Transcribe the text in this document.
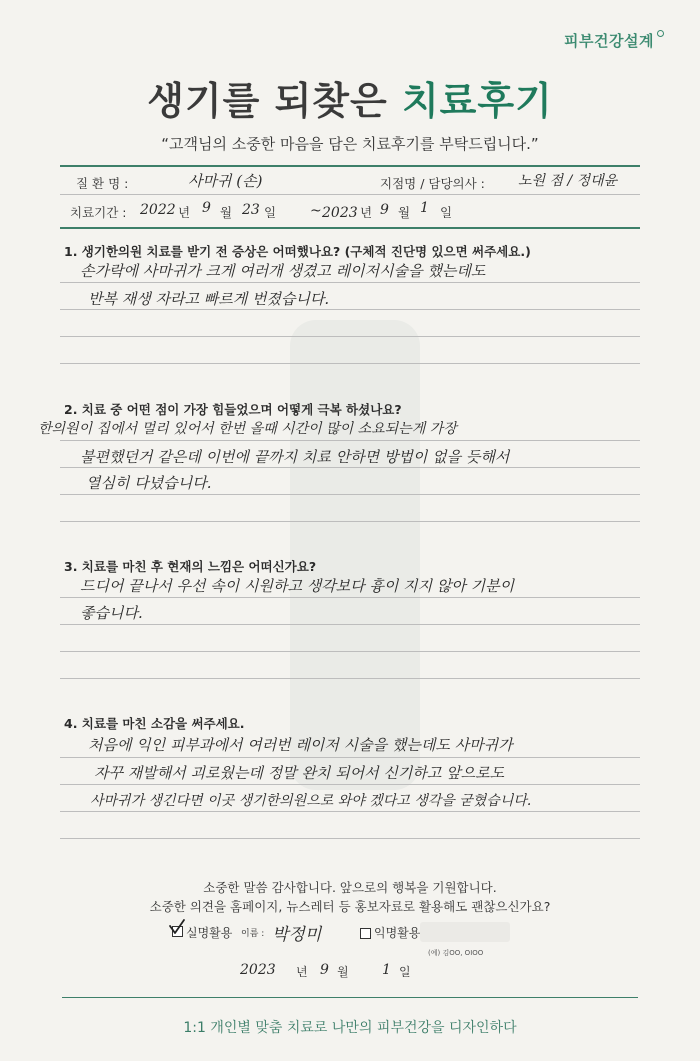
피부건강설계
생기를 되찾은 치료후기
“고객님의 소중한 마음을 담은 치료후기를 부탁드립니다.”
질 환 명 :	사마귀 (손)	지점명 / 담당의사 : 노원 점 / 정대윤
치료기간 : 2022 년 9 월 23 일 ~ 2023 년 9 월 1 일
1. 생기한의원 치료를 받기 전 증상은 어떠했나요? (구체적 진단명 있으면 써주세요.)
손가락에 사마귀가 크게 여러개 생겼고 레이저시술을 했는데도
반복 재생 자라고 빠르게 번졌습니다.
2. 치료 중 어떤 점이 가장 힘들었으며 어떻게 극복 하셨나요?
한의원이 집에서 멀리 있어서 한번 올때 시간이 많이 소요되는게 가장
불편했던거 같은데 이번에 끝까지 치료 안하면 방법이 없을 듯해서
열심히 다녔습니다.
3. 치료를 마친 후 현재의 느낌은 어떠신가요?
드디어 끝나서 우선 속이 시원하고 생각보다 흉이 지지 않아 기분이
좋습니다.
4. 치료를 마친 소감을 써주세요.
처음에 익인 피부과에서 여러번 레이저 시술을 했는데도 사마귀가
자꾸 재발해서 괴로웠는데 정말 완치 되어서 신기하고 앞으로도
사마귀가 생긴다면 이곳 생기한의원으로 와야 겠다고 생각을 굳혔습니다.
소중한 말씀 감사합니다. 앞으로의 행복을 기원합니다.
소중한 의견을 홈페이지, 뉴스레터 등 홍보자료로 활용해도 괜찮으신가요?
실명활용 이름 : 박정미	익명활용
(예) 김OO, OIOO
2023 년 9 월 1 일
1:1 개인별 맞춤 치료로 나만의 피부건강을 디자인하다
